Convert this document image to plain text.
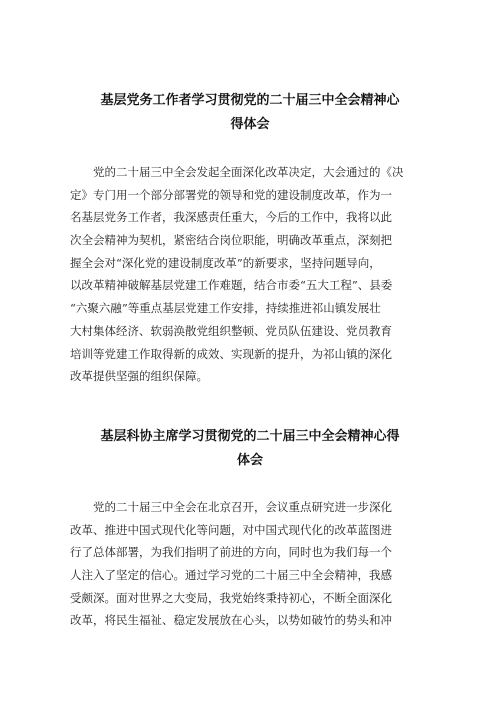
基层党务工作者学习贯彻党的二十届三中全会精神心
得体会
党的二十届三中全会发起全面深化改革决定，大会通过的《决
定》专门用一个部分部署党的领导和党的建设制度改革，作为一
名基层党务工作者，我深感责任重大，今后的工作中，我将以此
次全会精神为契机，紧密结合岗位职能，明确改革重点，深刻把
握全会对“深化党的建设制度改革”的新要求，坚持问题导向，
以改革精神破解基层党建工作难题，结合市委“五大工程”、县委
“六聚六融”等重点基层党建工作安排，持续推进祁山镇发展壮
大村集体经济、软弱涣散党组织整顿、党员队伍建设、党员教育
培训等党建工作取得新的成效、实现新的提升，为祁山镇的深化
改革提供坚强的组织保障。
基层科协主席学习贯彻党的二十届三中全会精神心得
体会
党的二十届三中全会在北京召开，会议重点研究进一步深化
改革、推进中国式现代化等问题，对中国式现代化的改革蓝图进
行了总体部署，为我们指明了前进的方向，同时也为我们每一个
人注入了坚定的信心。通过学习党的二十届三中全会精神，我感
受颇深。面对世界之大变局，我党始终秉持初心，不断全面深化
改革，将民生福祉、稳定发展放在心头，以势如破竹的势头和冲
